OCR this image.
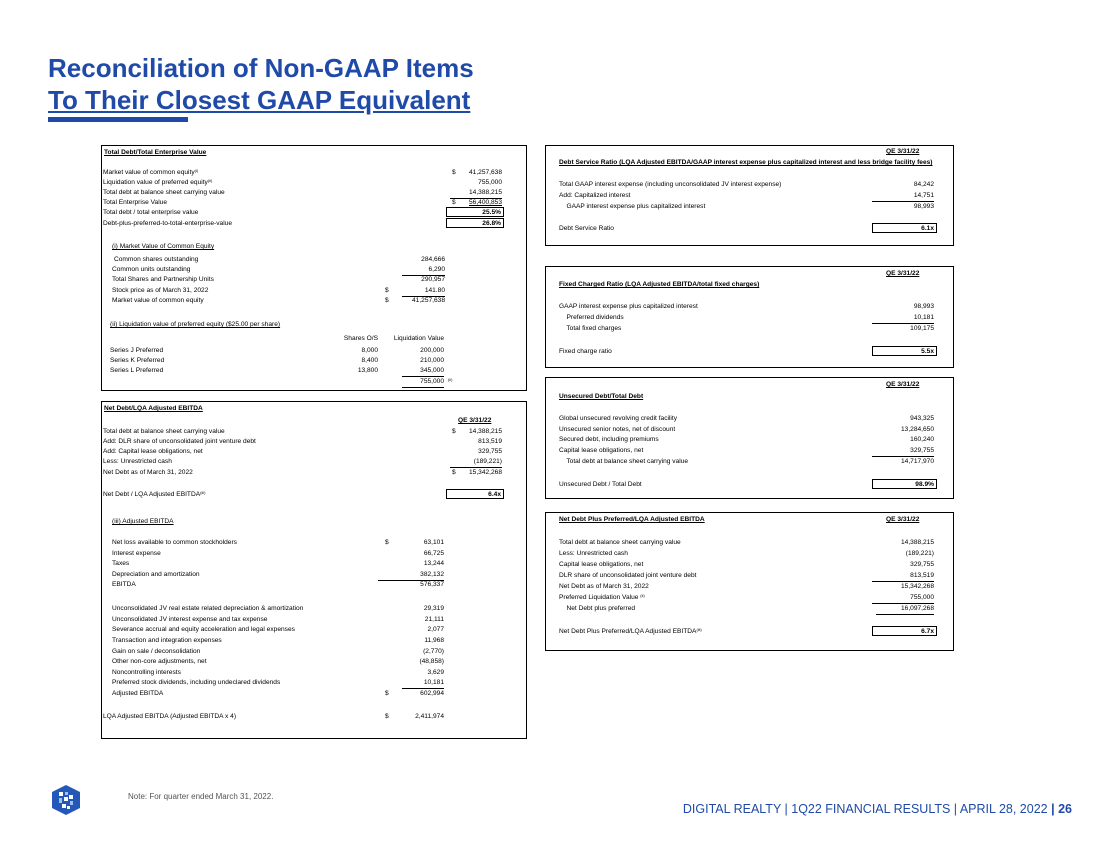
Reconciliation of Non-GAAP Items
To Their Closest GAAP Equivalent
Total Debt/Total Enterprise Value
Market value of common equity$^{(i)}$	$	41,257,638
Liquidation value of preferred equity$^{(ii)}$	755,000
Total debt at balance sheet carrying value	14,388,215
Total Enterprise Value	$	56,400,853
Total debt / total enterprise value	25.5%
Debt-plus-preferred-to-total-enterprise-value	26.8%
(i) Market Value of Common Equity
Common shares outstanding	284,666
Common units outstanding	6,290
Total Shares and Partnership Units	290,957
Stock price as of March 31, 2022	$	141.80
Market value of common equity	$	41,257,638
(ii) Liquidation value of preferred equity ($25.00 per share)
Shares O/S	Liquidation Value
Series J Preferred	8,000	200,000
Series K Preferred	8,400	210,000
Series L Preferred	13,800	345,000
755,000 (ii)
Net Debt/LQA Adjusted EBITDA
QE 3/31/22
Total debt at balance sheet carrying value	$	14,388,215
Add: DLR share of unconsolidated joint venture debt	813,519
Add: Capital lease obligations, net	329,755
Less: Unrestricted cash	(189,221)
Net Debt as of March 31, 2022	$	15,342,268
Net Debt / LQA Adjusted EBITDA$^{(iii)}$	6.4x
(iii) Adjusted EBITDA
Net loss available to common stockholders	$	63,101
Interest expense	66,725
Taxes	13,244
Depreciation and amortization	382,132
EBITDA	576,337
Unconsolidated JV real estate related depreciation & amortization	29,319
Unconsolidated JV interest expense and tax expense	21,111
Severance accrual and equity acceleration and legal expenses	2,077
Transaction and integration expenses	11,968
Gain on sale / deconsolidation	(2,770)
Other non-core adjustments, net	(48,858)
Noncontrolling interests	3,629
Preferred stock dividends, including undeclared dividends	10,181
Adjusted EBITDA	$	602,994
LQA Adjusted EBITDA (Adjusted EBITDA x 4)	$	2,411,974
QE 3/31/22
Debt Service Ratio (LQA Adjusted EBITDA/GAAP interest expense plus capitalized interest and less bridge facility fees)
Total GAAP interest expense (including unconsolidated JV interest expense)	84,242
Add: Capitalized interest	14,751
GAAP interest expense plus capitalized interest	98,993
Debt Service Ratio	6.1x
QE 3/31/22
Fixed Charged Ratio (LQA Adjusted EBITDA/total fixed charges)
GAAP interest expense plus capitalized interest	98,993
Preferred dividends	10,181
Total fixed charges	109,175
Fixed charge ratio	5.5x
QE 3/31/22
Unsecured Debt/Total Debt
Global unsecured revolving credit facility	943,325
Unsecured senior notes, net of discount	13,284,650
Secured debt, including premiums	160,240
Capital lease obligations, net	329,755
Total debt at balance sheet carrying value	14,717,970
Unsecured Debt / Total Debt	98.9%
Net Debt Plus Preferred/LQA Adjusted EBITDA	QE 3/31/22
Total debt at balance sheet carrying value	14,388,215
Less: Unrestricted cash	(189,221)
Capital lease obligations, net	329,755
DLR share of unconsolidated joint venture debt	813,519
Net Debt as of March 31, 2022	15,342,268
Preferred Liquidation Value $^{(ii)}$	755,000
Net Debt plus preferred	16,097,268
Net Debt Plus Preferred/LQA Adjusted EBITDA$^{(iii)}$	6.7x
Note: For quarter ended March 31, 2022.
DIGITAL REALTY | 1Q22 FINANCIAL RESULTS | APRIL 28, 2022 | 26
